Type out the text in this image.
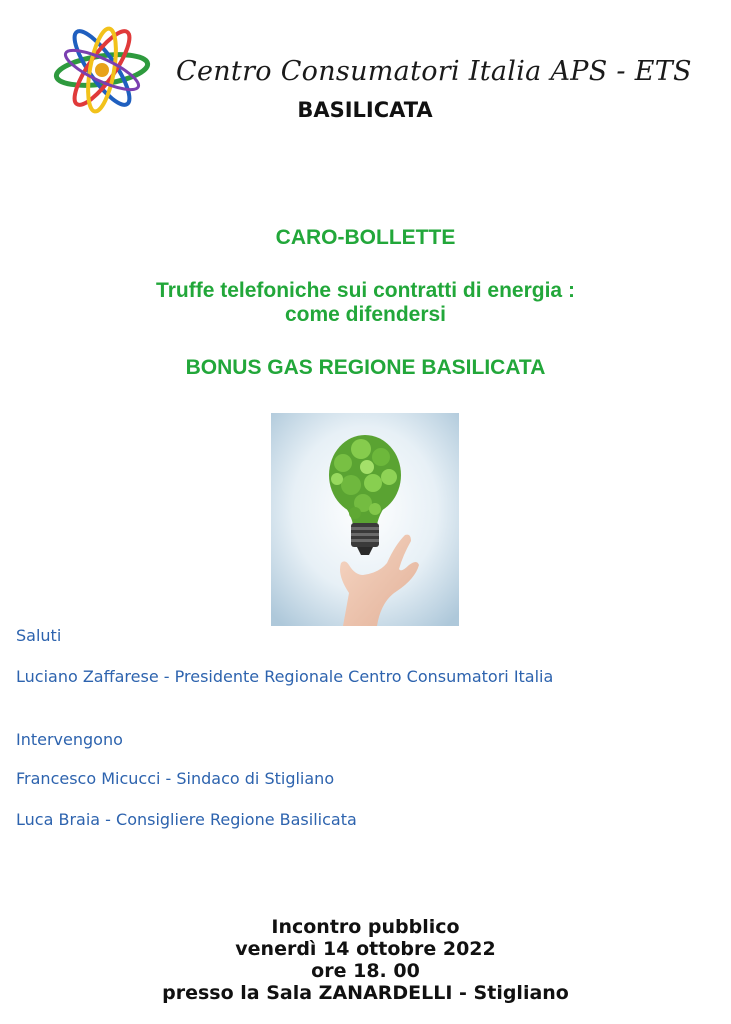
Centro Consumatori Italia APS - ETS
BASILICATA
CARO-BOLLETTE
Truffe telefoniche sui contratti di energia :
come difendersi
BONUS GAS REGIONE BASILICATA
Saluti
Luciano Zaffarese - Presidente Regionale Centro Consumatori Italia
Intervengono
Francesco Micucci - Sindaco di Stigliano
Luca Braia - Consigliere Regione Basilicata
Incontro pubblico
venerdì 14 ottobre 2022
ore 18. 00
presso la Sala ZANARDELLI - Stigliano
